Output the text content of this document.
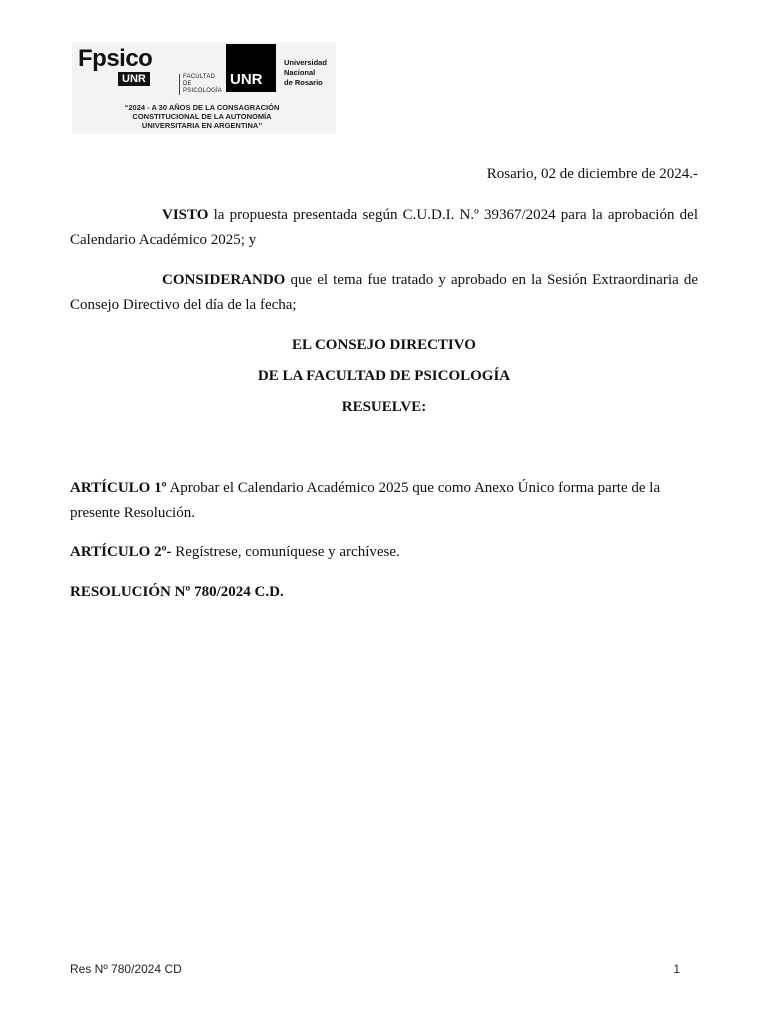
Fpsico
UNR	FACULTAD DE
PSICOLOGÍA
UNR
Universidad
Nacional
de Rosario
“2024 - A 30 AÑOS DE LA CONSAGRACIÓN
CONSTITUCIONAL DE LA AUTONOMÍA
UNIVERSITARIA EN ARGENTINA”
Rosario, 02 de diciembre de 2024.-

VISTO la propuesta presentada según C.U.D.I. N.º 39367/2024 para la aprobación del Calendario Académico 2025; y

CONSIDERANDO que el tema fue tratado y aprobado en la Sesión Extraordinaria de Consejo Directivo del día de la fecha;

EL CONSEJO DIRECTIVO
DE LA FACULTAD DE PSICOLOGÍA
RESUELVE:

ARTÍCULO 1º Aprobar el Calendario Académico 2025 que como Anexo Único forma parte de la presente Resolución.

ARTÍCULO 2º- Regístrese, comuníquese y archívese.

RESOLUCIÓN Nº 780/2024 C.D.

Res Nº 780/2024 CD	1
